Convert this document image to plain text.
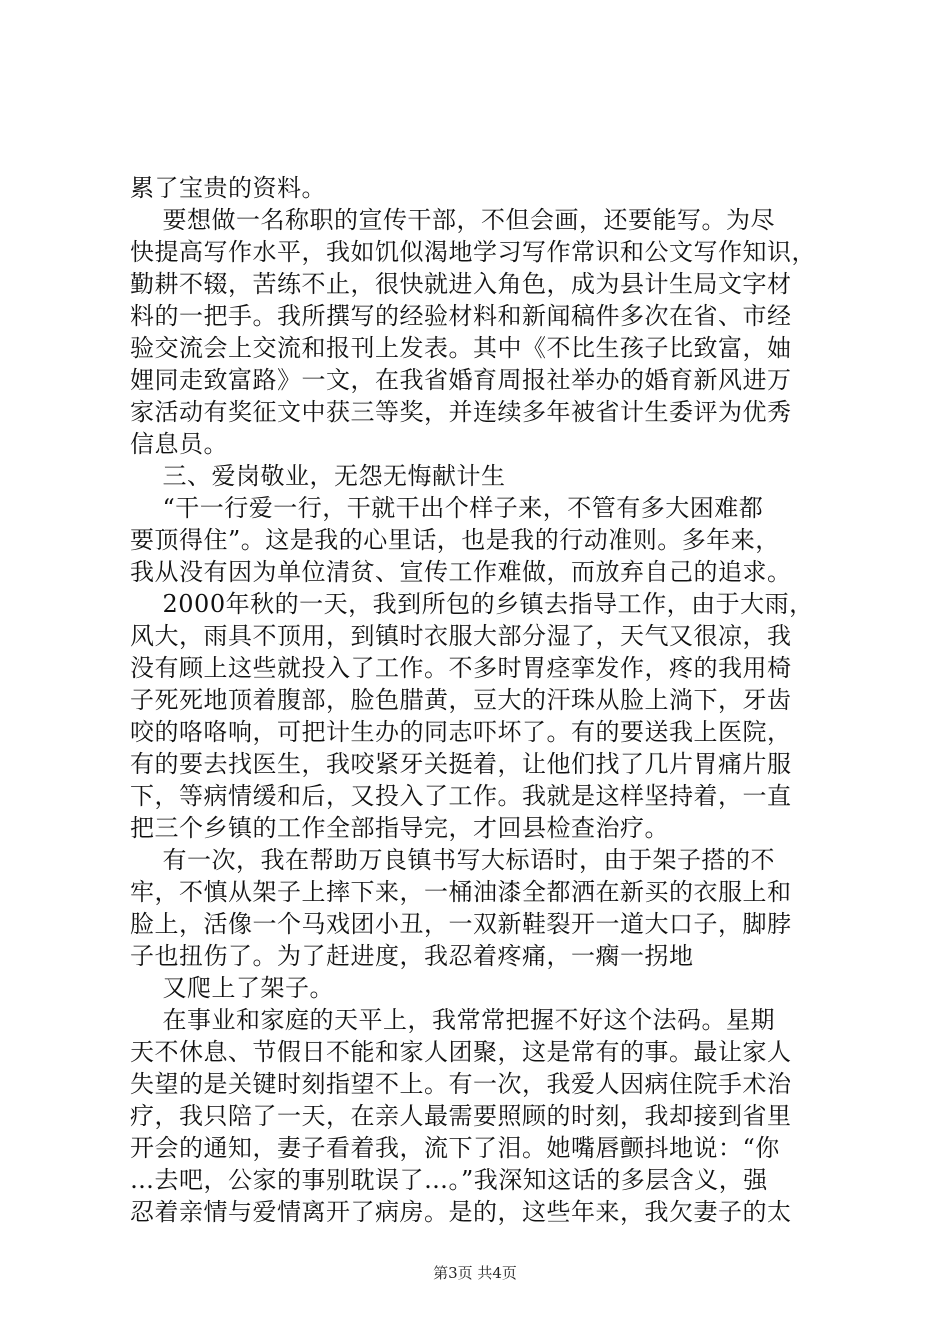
累了宝贵的资料。
要想做一名称职的宣传干部，不但会画，还要能写。为尽
快提高写作水平，我如饥似渴地学习写作常识和公文写作知识，
勤耕不辍，苦练不止，很快就进入角色，成为县计生局文字材
料的一把手。我所撰写的经验材料和新闻稿件多次在省、市经
验交流会上交流和报刊上发表。其中《不比生孩子比致富，妯
娌同走致富路》一文，在我省婚育周报社举办的婚育新风进万
家活动有奖征文中获三等奖，并连续多年被省计生委评为优秀
信息员。
三、爱岗敬业，无怨无悔献计生
“干一行爱一行，干就干出个样子来，不管有多大困难都
要顶得住”。这是我的心里话，也是我的行动准则。多年来，
我从没有因为单位清贫、宣传工作难做，而放弃自己的追求。
2000年秋的一天，我到所包的乡镇去指导工作，由于大雨，
风大，雨具不顶用，到镇时衣服大部分湿了，天气又很凉，我
没有顾上这些就投入了工作。不多时胃痉挛发作，疼的我用椅
子死死地顶着腹部，脸色腊黄，豆大的汗珠从脸上淌下，牙齿
咬的咯咯响，可把计生办的同志吓坏了。有的要送我上医院，
有的要去找医生，我咬紧牙关挺着，让他们找了几片胃痛片服
下，等病情缓和后，又投入了工作。我就是这样坚持着，一直
把三个乡镇的工作全部指导完，才回县检查治疗。
有一次，我在帮助万良镇书写大标语时，由于架子搭的不
牢，不慎从架子上摔下来，一桶油漆全都洒在新买的衣服上和
脸上，活像一个马戏团小丑，一双新鞋裂开一道大口子，脚脖
子也扭伤了。为了赶进度，我忍着疼痛，一瘸一拐地
又爬上了架子。
在事业和家庭的天平上，我常常把握不好这个法码。星期
天不休息、节假日不能和家人团聚，这是常有的事。最让家人
失望的是关键时刻指望不上。有一次，我爱人因病住院手术治
疗，我只陪了一天，在亲人最需要照顾的时刻，我却接到省里
开会的通知，妻子看着我，流下了泪。她嘴唇颤抖地说：“你
…去吧，公家的事别耽误了…。”我深知这话的多层含义，强
忍着亲情与爱情离开了病房。是的，这些年来，我欠妻子的太
第3页 共4页
